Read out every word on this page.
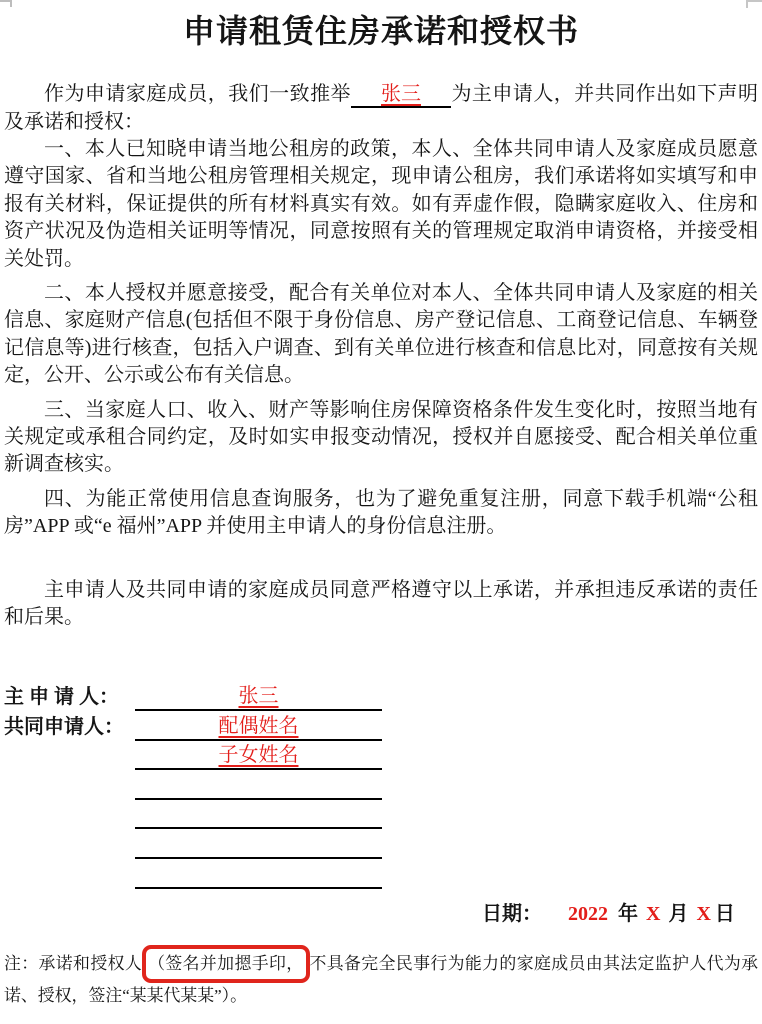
申请租赁住房承诺和授权书

作为申请家庭成员，我们一致推举 张三 为主申请人，并共同作出如下声明及承诺和授权：

一、本人已知晓申请当地公租房的政策，本人、全体共同申请人及家庭成员愿意遵守国家、省和当地公租房管理相关规定，现申请公租房，我们承诺将如实填写和申报有关材料，保证提供的所有材料真实有效。如有弄虚作假，隐瞒家庭收入、住房和资产状况及伪造相关证明等情况，同意按照有关的管理规定取消申请资格，并接受相关处罚。

二、本人授权并愿意接受，配合有关单位对本人、全体共同申请人及家庭的相关信息、家庭财产信息(包括但不限于身份信息、房产登记信息、工商登记信息、车辆登记信息等)进行核查，包括入户调查、到有关单位进行核查和信息比对，同意按有关规定，公开、公示或公布有关信息。

三、当家庭人口、收入、财产等影响住房保障资格条件发生变化时，按照当地有关规定或承租合同约定，及时如实申报变动情况，授权并自愿接受、配合相关单位重新调查核实。

四、为能正常使用信息查询服务，也为了避免重复注册，同意下载手机端“公租房”APP 或“e 福州”APP 并使用主申请人的身份信息注册。

主申请人及共同申请的家庭成员同意严格遵守以上承诺，并承担违反承诺的责任和后果。

主 申 请 人：	张三
共同申请人：	配偶姓名
子女姓名
日期： 2022 年 X 月 X 日

注：承诺和授权人 （签名并加摁手印， 不具备完全民事行为能力的家庭成员由其法定监护人代为承诺、授权，签注“某某代某某”）。
